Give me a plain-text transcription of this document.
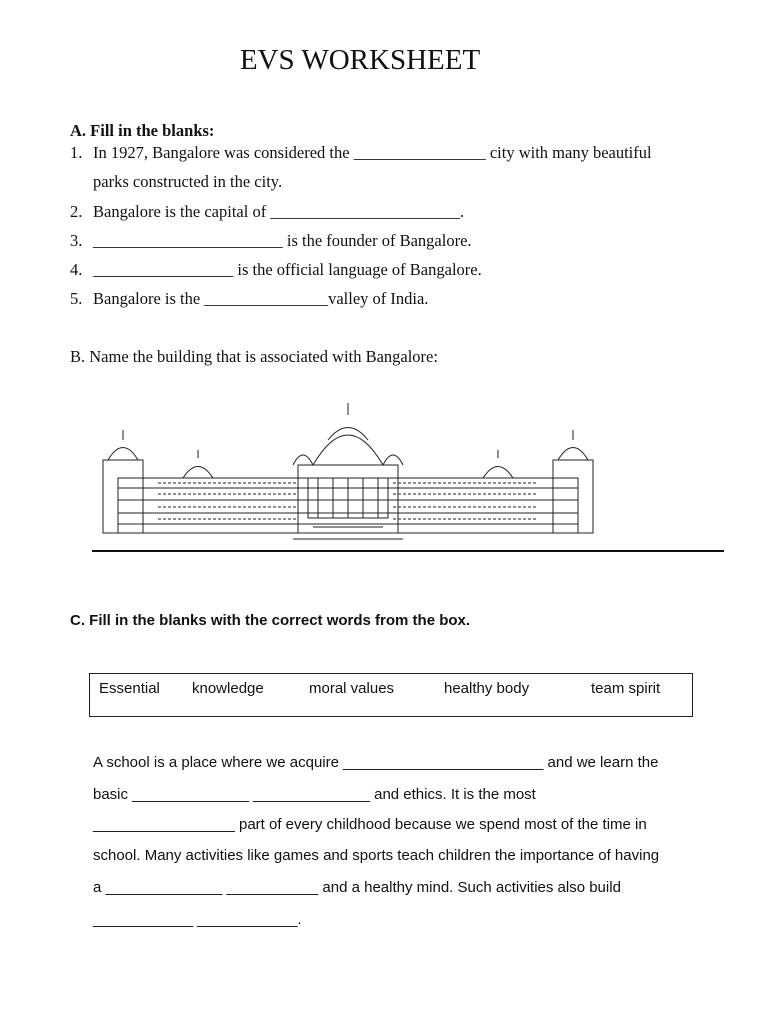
EVS WORKSHEET
A. Fill in the blanks:
1. In 1927, Bangalore was considered the ________________ city with many beautiful
parks constructed in the city.
2. Bangalore is the capital of _______________________.
3. _______________________ is the founder of Bangalore.
4. _________________ is the official language of Bangalore.
5. Bangalore is the _______________valley of India.
B. Name the building that is associated with Bangalore:
C. Fill in the blanks with the correct words from the box.
Essential knowledge	moral values	healthy body	team spirit
A school is a place where we acquire ________________________ and we learn the
basic ______________ ______________ and ethics. It is the most
_________________ part of every childhood because we spend most of the time in
school. Many activities like games and sports teach children the importance of having
a ______________ ___________ and a healthy mind. Such activities also build
____________ ____________.
